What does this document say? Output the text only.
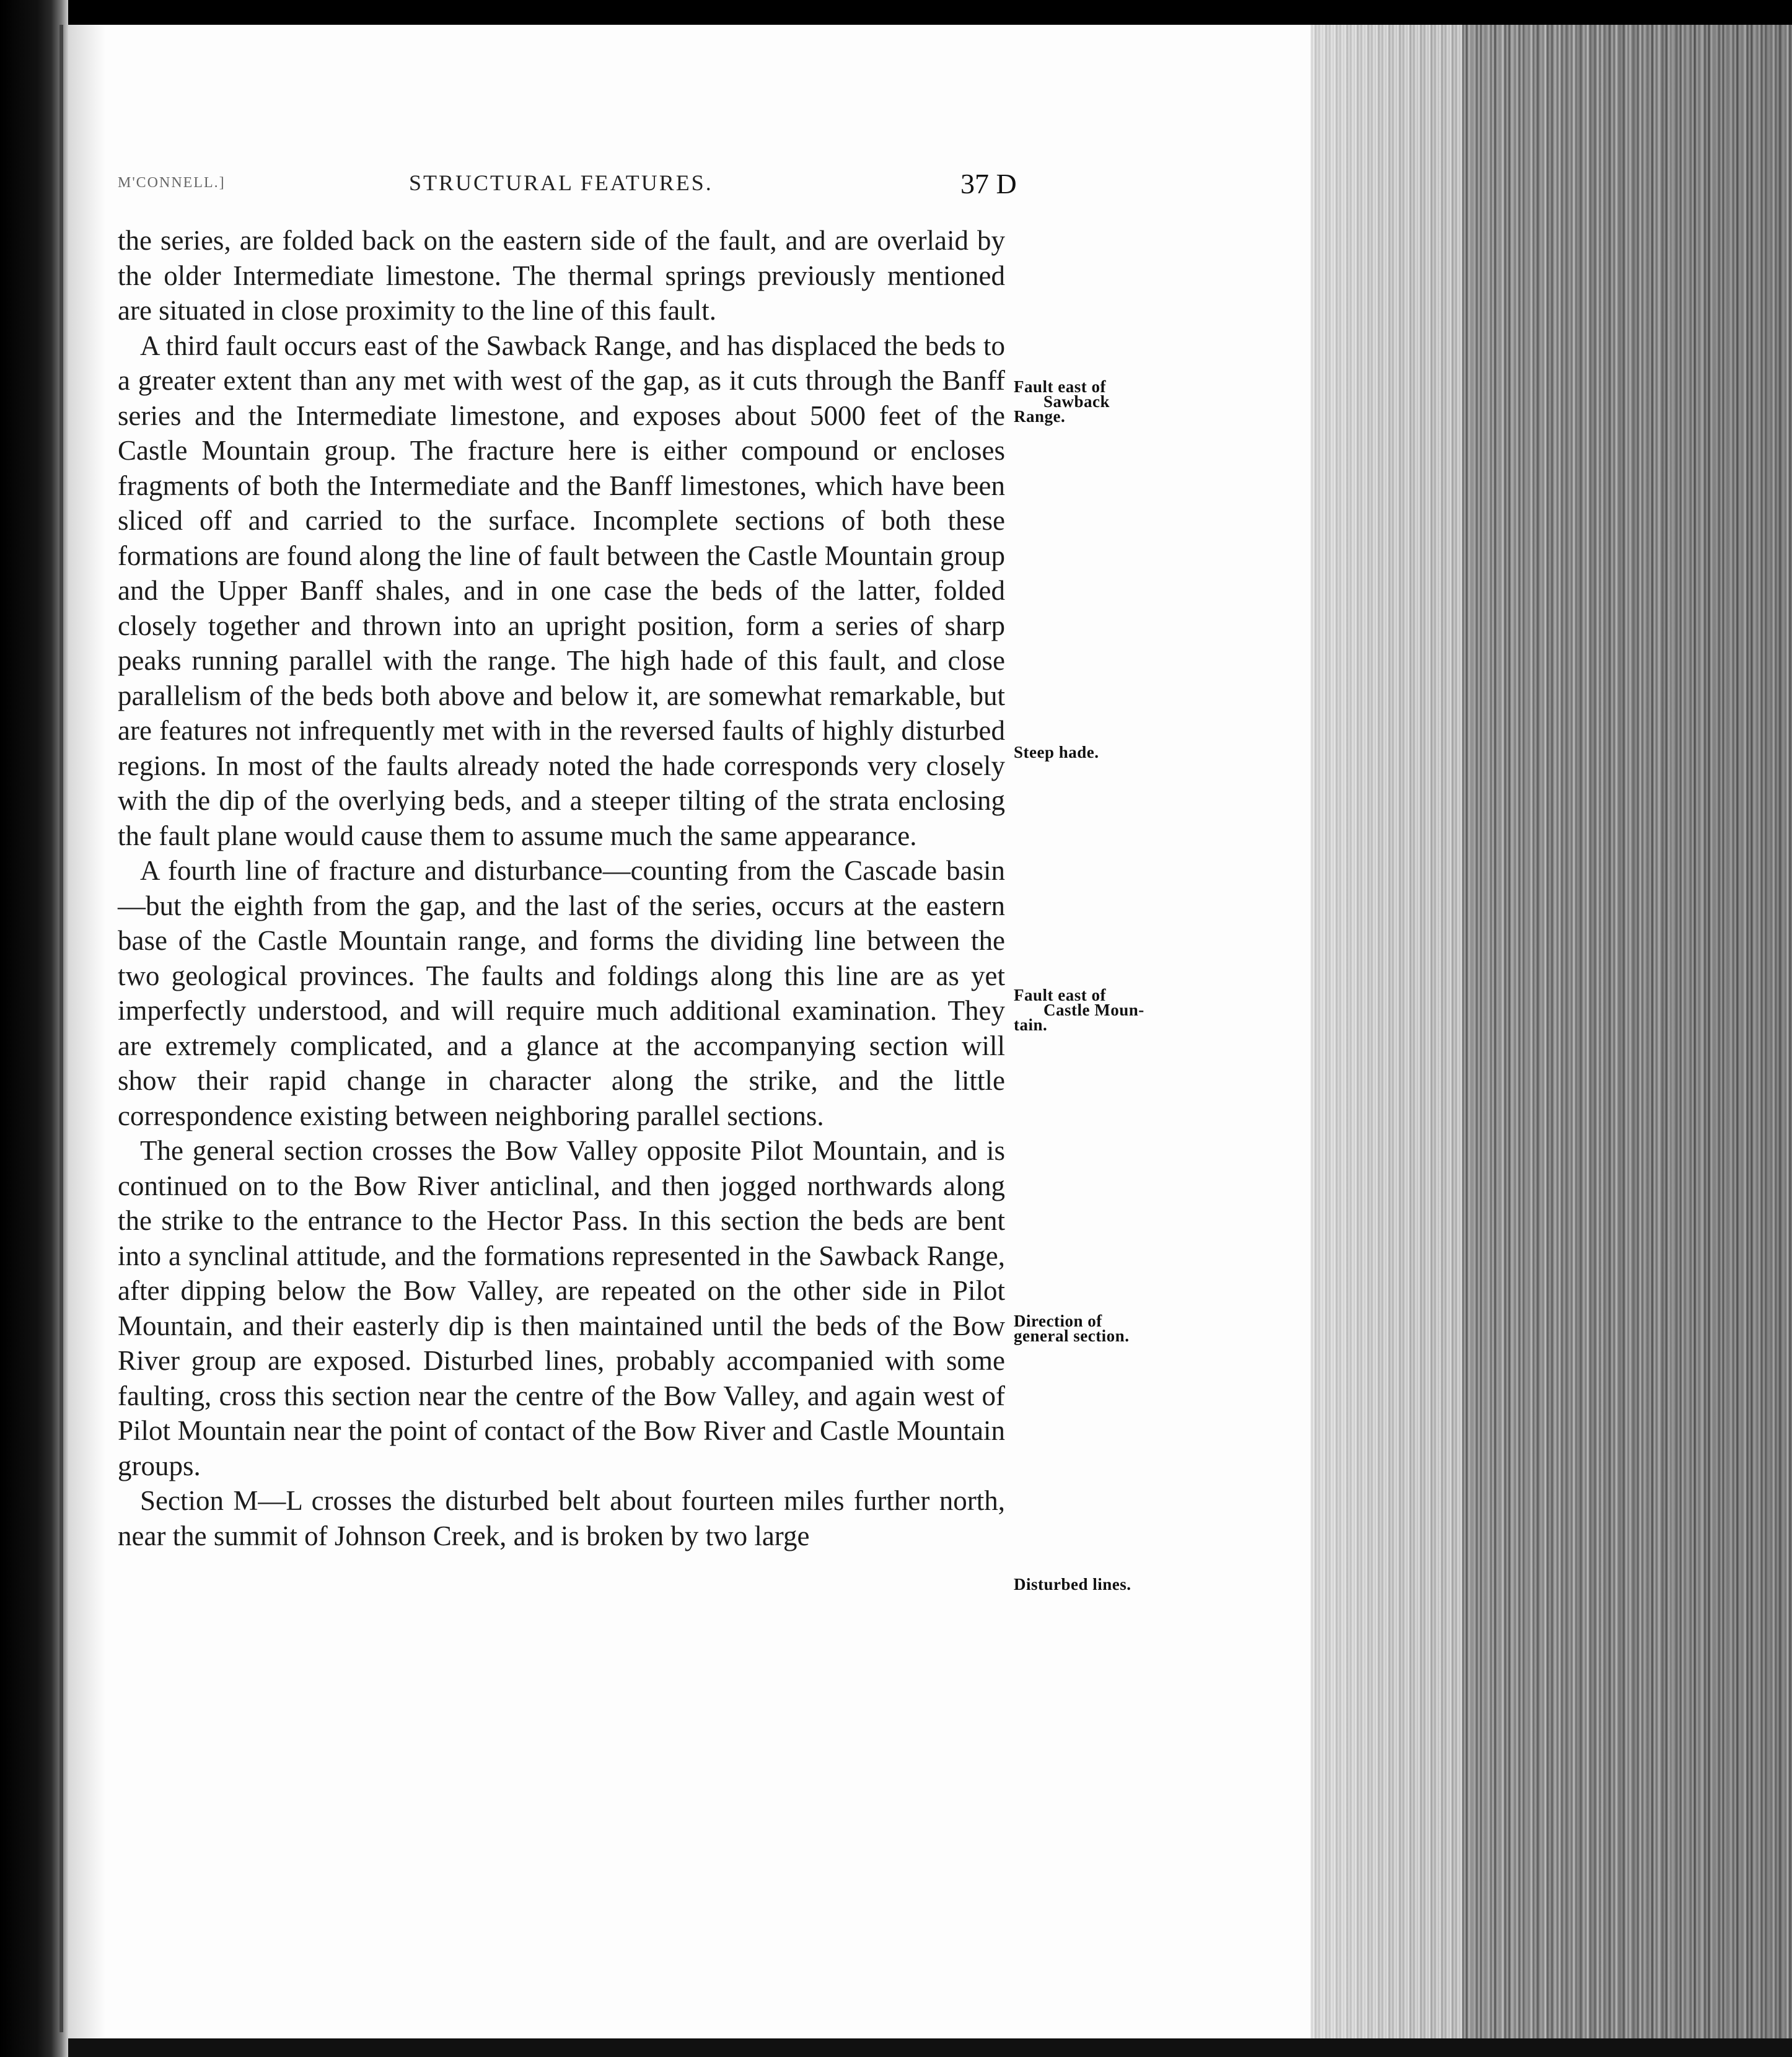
M'CONNELL.]	STRUCTURAL FEATURES.	37 D

the series, are folded back on the eastern side of the fault, and are overlaid by the older Intermediate limestone. The thermal springs previously mentioned are situated in close proximity to the line of this fault.

A third fault occurs east of the Sawback Range, and has displaced the beds to a greater extent than any met with west of the gap, as it cuts through the Banff series and the Intermediate limestone, and exposes about 5000 feet of the Castle Mountain group. The fracture here is either compound or encloses fragments of both the Intermediate and the Banff limestones, which have been sliced off and carried to the surface. Incomplete sections of both these formations are found along the line of fault between the Castle Mountain group and the Upper Banff shales, and in one case the beds of the latter, folded closely together and thrown into an upright position, form a series of sharp peaks running parallel with the range. The high hade of this fault, and close parallelism of the beds both above and below it, are somewhat remarkable, but are features not infrequently met with in the reversed faults of highly disturbed regions. In most of the faults already noted the hade corresponds very closely with the dip of the overlying beds, and a steeper tilting of the strata enclosing the fault plane would cause them to assume much the same appearance.

A fourth line of fracture and disturbance—counting from the Cascade basin—but the eighth from the gap, and the last of the series, occurs at the eastern base of the Castle Mountain range, and forms the dividing line between the two geological provinces. The faults and foldings along this line are as yet imperfectly understood, and will require much additional examination. They are extremely complicated, and a glance at the accompanying section will show their rapid change in character along the strike, and the little correspondence existing between neighboring parallel sections.

The general section crosses the Bow Valley opposite Pilot Mountain, and is continued on to the Bow River anticlinal, and then jogged northwards along the strike to the entrance to the Hector Pass. In this section the beds are bent into a synclinal attitude, and the formations represented in the Sawback Range, after dipping below the Bow Valley, are repeated on the other side in Pilot Mountain, and their easterly dip is then maintained until the beds of the Bow River group are exposed. Disturbed lines, probably accompanied with some faulting, cross this section near the centre of the Bow Valley, and again west of Pilot Mountain near the point of contact of the Bow River and Castle Mountain groups.

Section M—L crosses the disturbed belt about fourteen miles further north, near the summit of Johnson Creek, and is broken by two large

Fault east of
Sawback
Range.
Steep hade.
Fault east of
Castle Moun-
tain.
Direction of
general section.
Disturbed lines.
